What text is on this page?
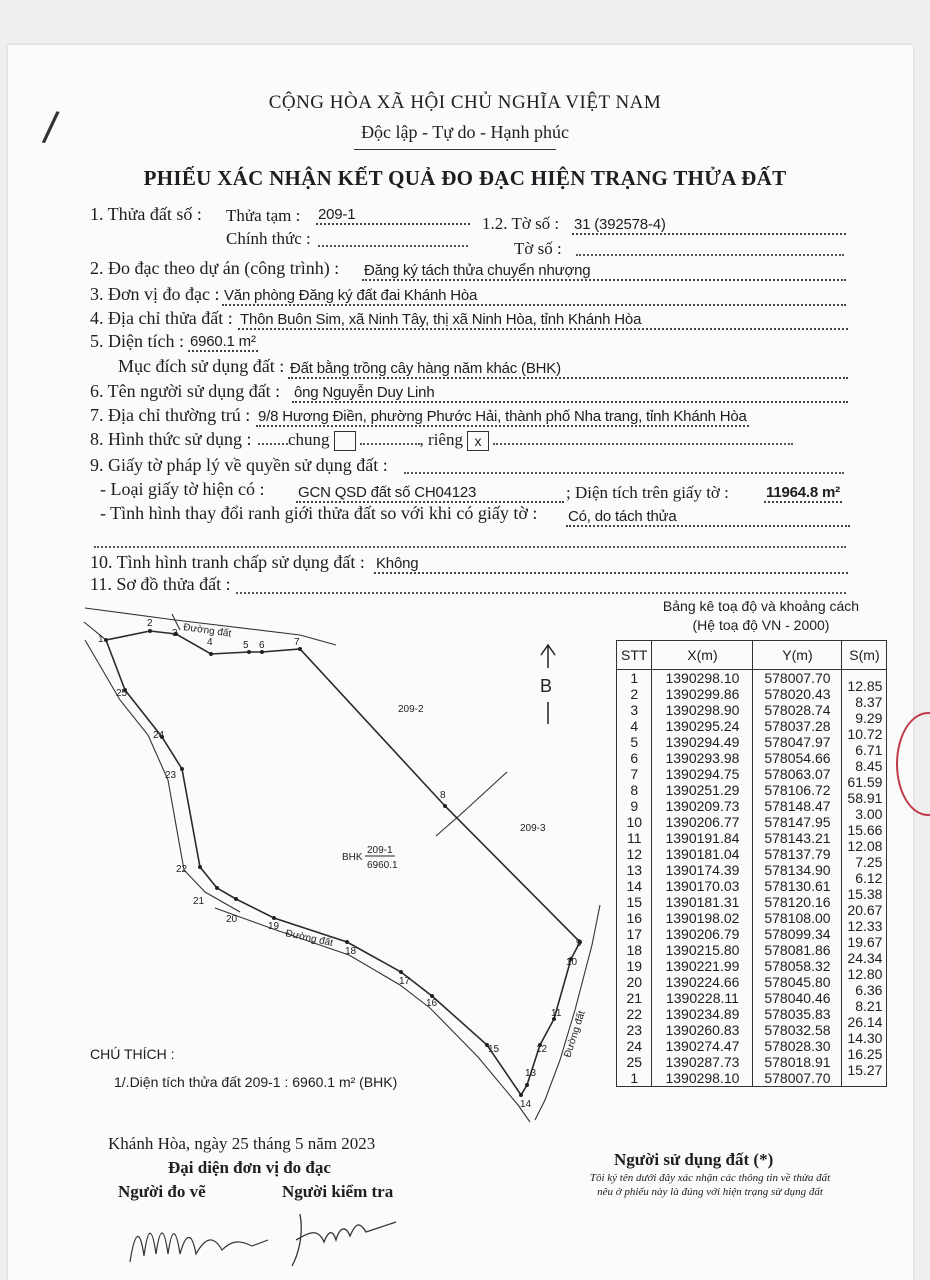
/
CỘNG HÒA XÃ HỘI CHỦ NGHĨA VIỆT NAM
Độc lập - Tự do - Hạnh phúc
PHIẾU XÁC NHẬN KẾT QUẢ ĐO ĐẠC HIỆN TRẠNG THỬA ĐẤT
1. Thửa đất số : Thửa tạm : 209-1	1.2. Tờ số : 31 (392578-4)
Chính thức :
Tờ số :
2. Đo đạc theo dự án (công trình) : Đăng ký tách thửa chuyển nhượng
3. Đơn vị đo đạc : Văn phòng Đăng ký đất đai Khánh Hòa
4. Địa chỉ thửa đất : Thôn Buôn Sim, xã Ninh Tây, thị xã Ninh Hòa, tỉnh Khánh Hòa
5. Diện tích : 6960.1 m²
Mục đích sử dụng đất : Đất bằng trồng cây hàng năm khác (BHK)
6. Tên người sử dụng đất : ông Nguyễn Duy Linh
7. Địa chỉ thường trú : 9/8 Hương Điền, phường Phước Hải, thành phố Nha trang, tỉnh Khánh Hòa
8. Hình thức sử dụng :	chung	, riêng x
9. Giấy tờ pháp lý về quyền sử dụng đất :
- Loại giấy tờ hiện có : GCN QSD đất số CH04123	; Diện tích trên giấy tờ : 11964.8 m²
- Tình hình thay đổi ranh giới thửa đất so với khi có giấy tờ : Có, do tách thửa
10. Tình hình tranh chấp sử dụng đất : Không
11. Sơ đồ thửa đất :
1
2
3
4	5 6	7
8
9
10
11
12
13
14
15
16
17
18
19
20
21
22
23
24
25
Đường đất
Đường đất
Đường đất
209-2
209-3
BHK
209-1
6960.1
B
Bảng kê toạ độ và khoảng cách
(Hệ toạ độ VN - 2000)
STT	X(m)	Y(m)	S(m)
1	1390298.10	578007.70	
2	1390299.86	578020.43	12.85
3	1390298.90	578028.74	8.37
4	1390295.24	578037.28	9.29
5	1390294.49	578047.97	10.72
6	1390293.98	578054.66	6.71
7	1390294.75	578063.07	8.45
8	1390251.29	578106.72	61.59
9	1390209.73	578148.47	58.91
10	1390206.77	578147.95	3.00
11	1390191.84	578143.21	15.66
12	1390181.04	578137.79	12.08
13	1390174.39	578134.90	7.25
14	1390170.03	578130.61	6.12
15	1390181.31	578120.16	15.38
16	1390198.02	578108.00	20.67
17	1390206.79	578099.34	12.33
18	1390215.80	578081.86	19.67
19	1390221.99	578058.32	24.34
20	1390224.66	578045.80	12.80
21	1390228.11	578040.46	6.36
22	1390234.89	578035.83	8.21
23	1390260.83	578032.58	26.14
24	1390274.47	578028.30	14.30
25	1390287.73	578018.91	16.25
1	1390298.10	578007.70	15.27
CHÚ THÍCH :
1/.Diện tích thửa đất 209-1 : 6960.1 m² (BHK)
Khánh Hòa, ngày 25 tháng 5 năm 2023
Đại diện đơn vị đo đạc
Người đo vẽ	Người kiểm tra
Người sử dụng đất (*)
Tôi ký tên dưới đây xác nhận các thông tin về thửa đất
nêu ở phiếu này là đúng với hiện trạng sử dụng đất
